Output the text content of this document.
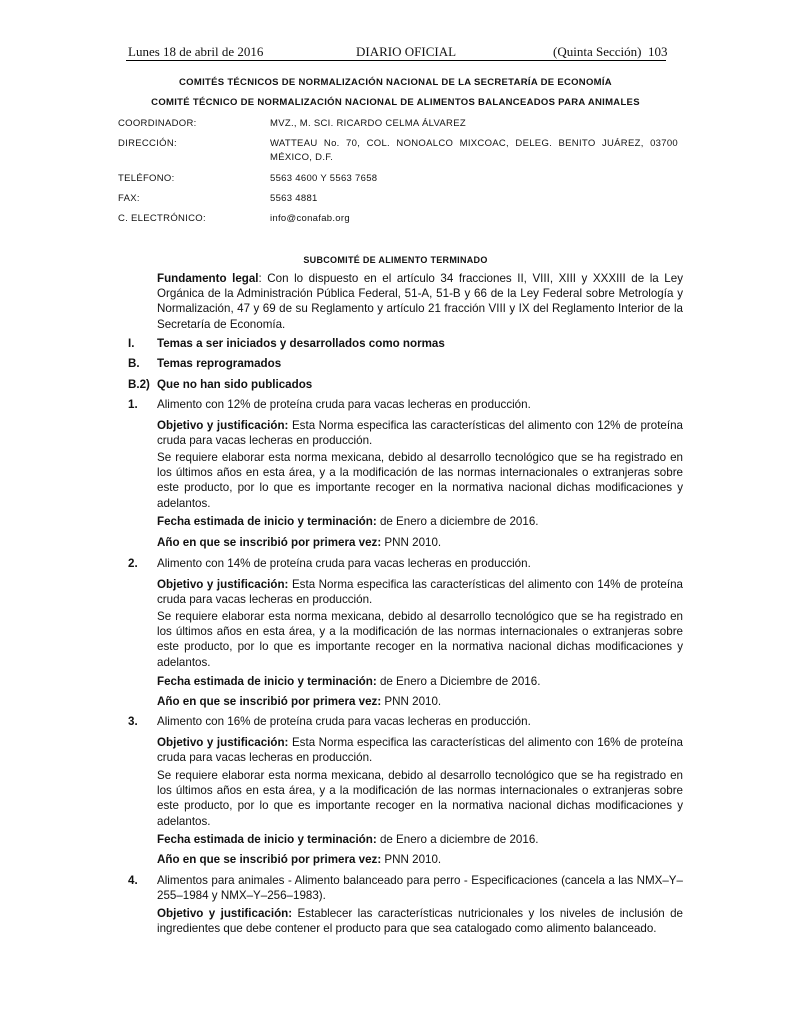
Lunes 18 de abril de 2016	DIARIO OFICIAL	(Quinta Sección) 103
COMITÉS TÉCNICOS DE NORMALIZACIÓN NACIONAL DE LA SECRETARÍA DE ECONOMÍA
COMITÉ TÉCNICO DE NORMALIZACIÓN NACIONAL DE ALIMENTOS BALANCEADOS PARA ANIMALES
COORDINADOR:	MVZ., M. SCI. RICARDO CELMA ÁLVAREZ
DIRECCIÓN:	WATTEAU No. 70, COL. NONOALCO MIXCOAC, DELEG. BENITO JUÁREZ, 03700 MÉXICO, D.F.
TELÉFONO:	5563 4600 Y 5563 7658
FAX:	5563 4881
C. ELECTRÓNICO:	info@conafab.org
SUBCOMITÉ DE ALIMENTO TERMINADO
Fundamento legal: Con lo dispuesto en el artículo 34 fracciones II, VIII, XIII y XXXIII de la Ley Orgánica de la Administración Pública Federal, 51-A, 51-B y 66 de la Ley Federal sobre Metrología y Normalización, 47 y 69 de su Reglamento y artículo 21 fracción VIII y IX del Reglamento Interior de la Secretaría de Economía.
I. Temas a ser iniciados y desarrollados como normas
B. Temas reprogramados
B.2) Que no han sido publicados
1. Alimento con 12% de proteína cruda para vacas lecheras en producción.
Objetivo y justificación: Esta Norma especifica las características del alimento con 12% de proteína cruda para vacas lecheras en producción.
Se requiere elaborar esta norma mexicana, debido al desarrollo tecnológico que se ha registrado en los últimos años en esta área, y a la modificación de las normas internacionales o extranjeras sobre este producto, por lo que es importante recoger en la normativa nacional dichas modificaciones y adelantos.
Fecha estimada de inicio y terminación: de Enero a diciembre de 2016.
Año en que se inscribió por primera vez: PNN 2010.
2. Alimento con 14% de proteína cruda para vacas lecheras en producción.
Objetivo y justificación: Esta Norma especifica las características del alimento con 14% de proteína cruda para vacas lecheras en producción.
Se requiere elaborar esta norma mexicana, debido al desarrollo tecnológico que se ha registrado en los últimos años en esta área, y a la modificación de las normas internacionales o extranjeras sobre este producto, por lo que es importante recoger en la normativa nacional dichas modificaciones y adelantos.
Fecha estimada de inicio y terminación: de Enero a Diciembre de 2016.
Año en que se inscribió por primera vez: PNN 2010.
3. Alimento con 16% de proteína cruda para vacas lecheras en producción.
Objetivo y justificación: Esta Norma especifica las características del alimento con 16% de proteína cruda para vacas lecheras en producción.
Se requiere elaborar esta norma mexicana, debido al desarrollo tecnológico que se ha registrado en los últimos años en esta área, y a la modificación de las normas internacionales o extranjeras sobre este producto, por lo que es importante recoger en la normativa nacional dichas modificaciones y adelantos.
Fecha estimada de inicio y terminación: de Enero a diciembre de 2016.
Año en que se inscribió por primera vez: PNN 2010.
4. Alimentos para animales - Alimento balanceado para perro - Especificaciones (cancela a las NMX–Y–255–1984 y NMX–Y–256–1983).
Objetivo y justificación: Establecer las características nutricionales y los niveles de inclusión de ingredientes que debe contener el producto para que sea catalogado como alimento balanceado.
